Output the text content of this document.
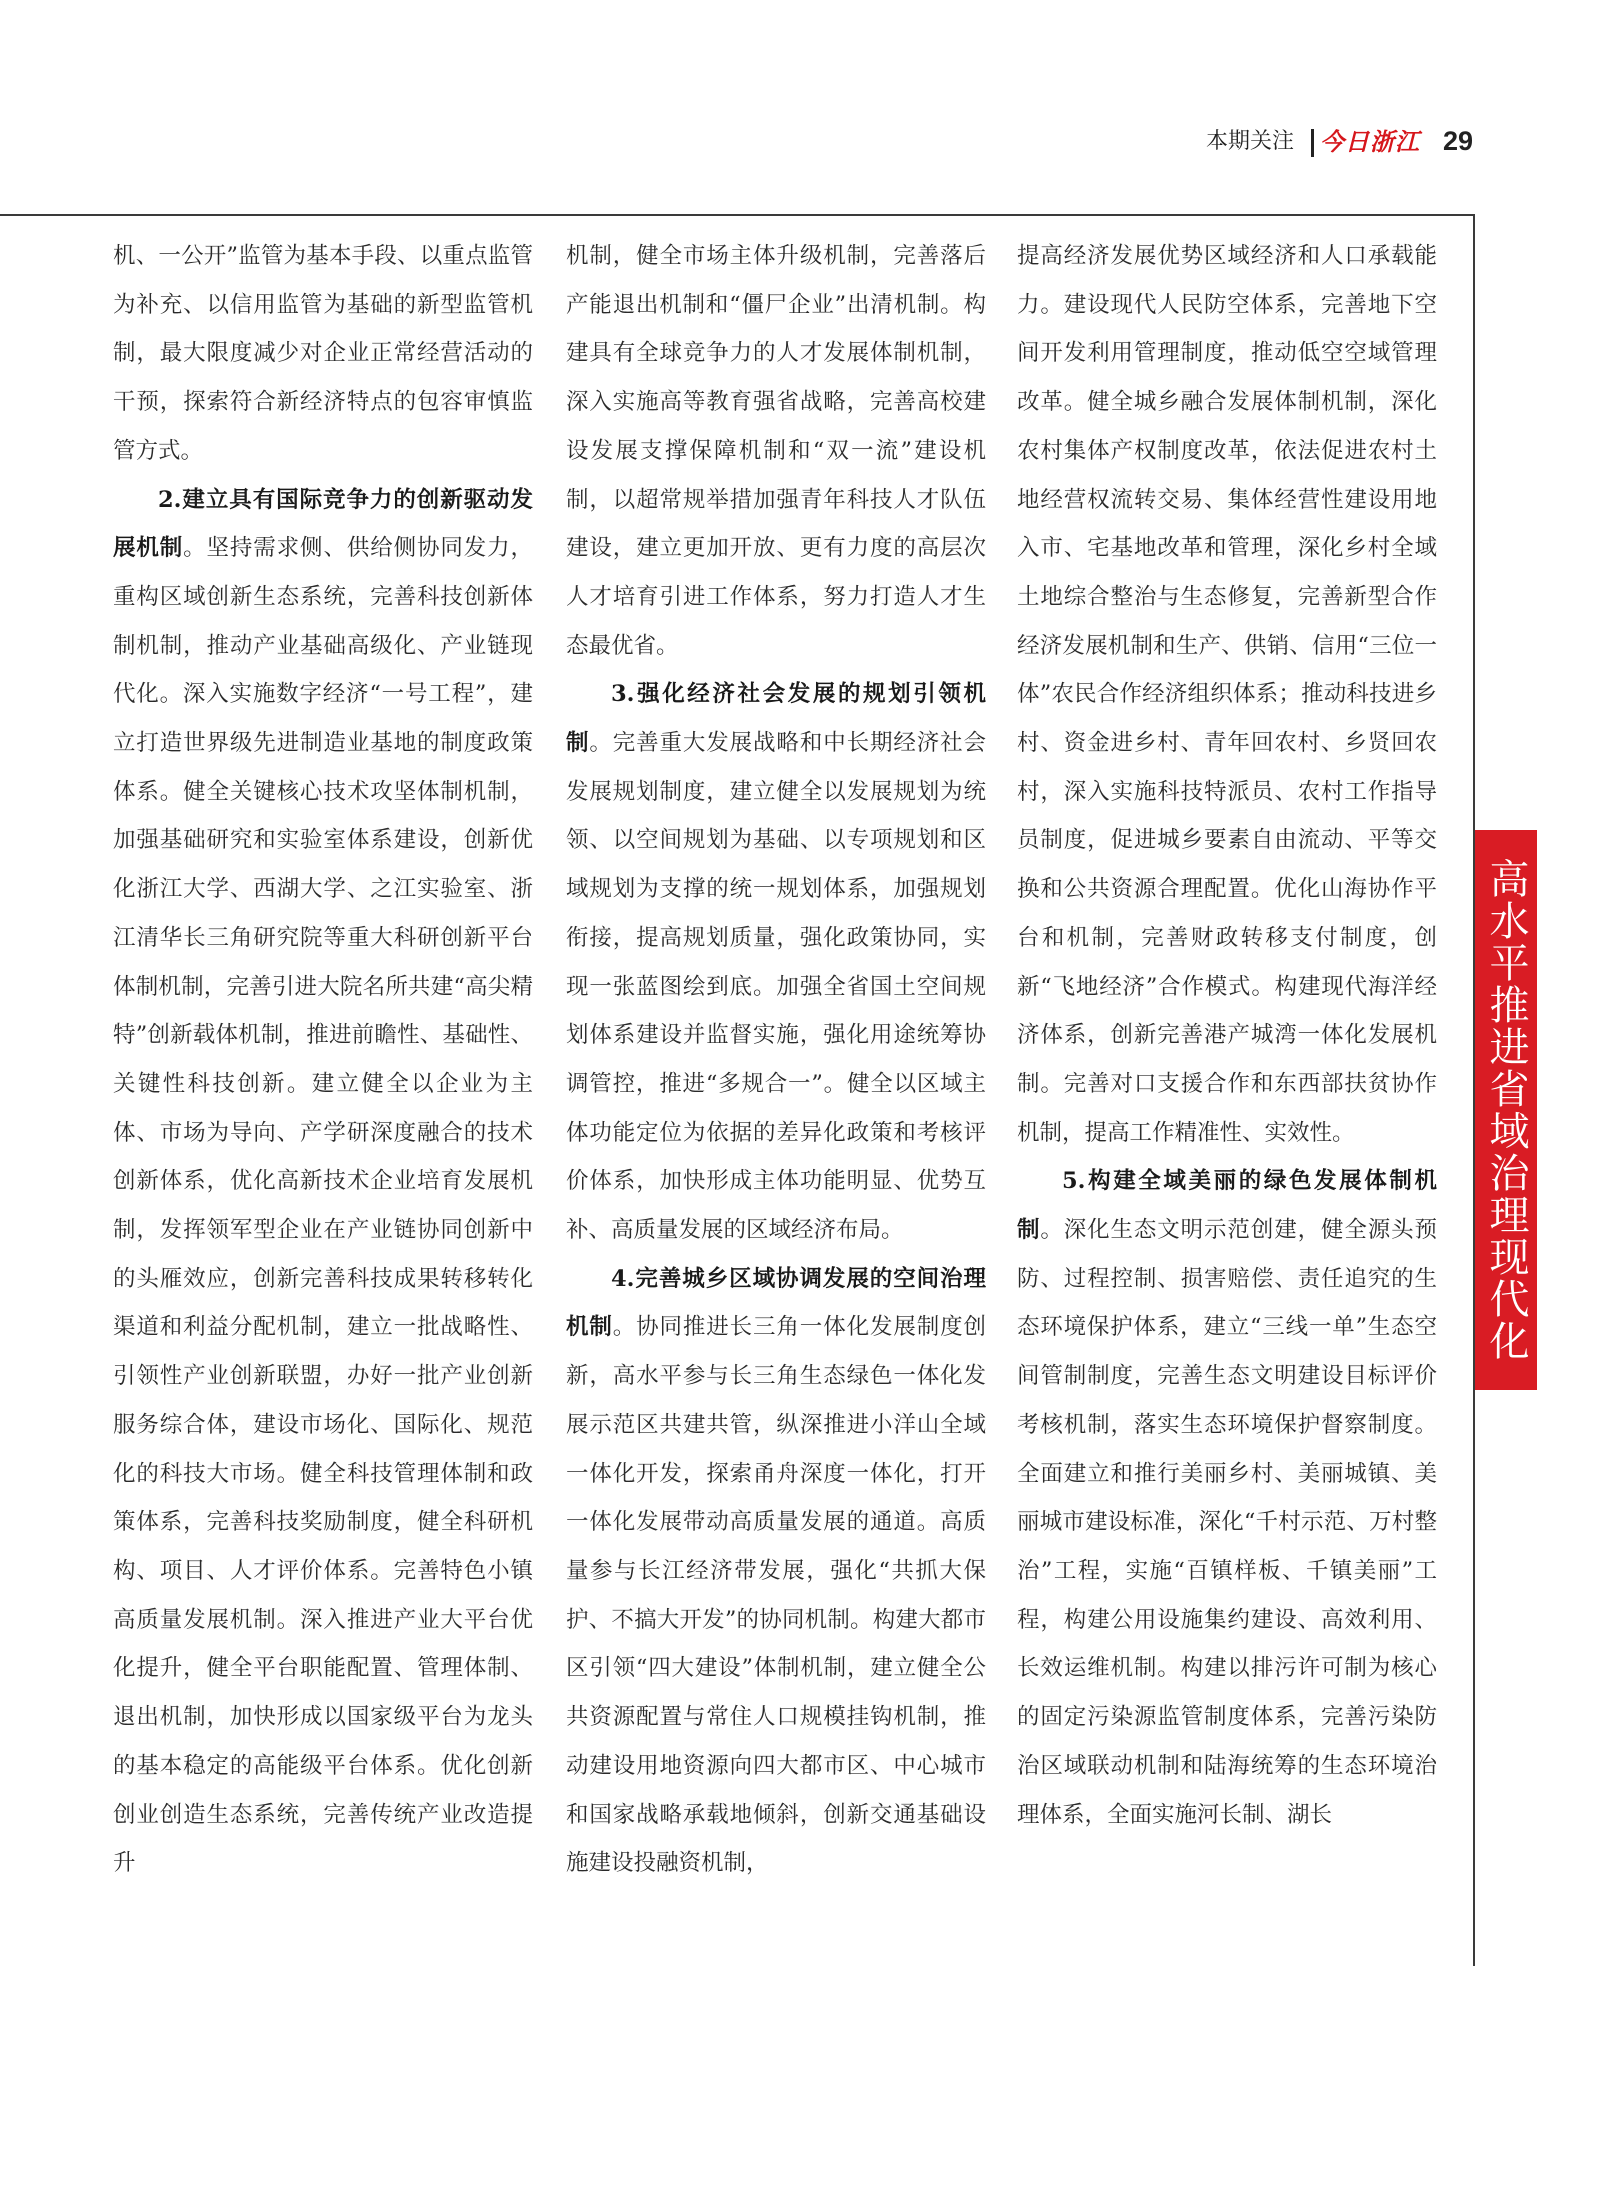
本期关注 今日浙江 29

机、一公开”监管为基本手段、以重点监管为补充、以信用监管为基础的新型监管机制，最大限度减少对企业正常经营活动的干预，探索符合新经济特点的包容审慎监管方式。

2.建立具有国际竞争力的创新驱动发展机制。坚持需求侧、供给侧协同发力，重构区域创新生态系统，完善科技创新体制机制，推动产业基础高级化、产业链现代化。深入实施数字经济“一号工程”，建立打造世界级先进制造业基地的制度政策体系。健全关键核心技术攻坚体制机制，加强基础研究和实验室体系建设，创新优化浙江大学、西湖大学、之江实验室、浙江清华长三角研究院等重大科研创新平台体制机制，完善引进大院名所共建“高尖精特”创新载体机制，推进前瞻性、基础性、关键性科技创新。建立健全以企业为主体、市场为导向、产学研深度融合的技术创新体系，优化高新技术企业培育发展机制，发挥领军型企业在产业链协同创新中的头雁效应，创新完善科技成果转移转化渠道和利益分配机制，建立一批战略性、引领性产业创新联盟，办好一批产业创新服务综合体，建设市场化、国际化、规范化的科技大市场。健全科技管理体制和政策体系，完善科技奖励制度，健全科研机构、项目、人才评价体系。完善特色小镇高质量发展机制。深入推进产业大平台优化提升，健全平台职能配置、管理体制、退出机制，加快形成以国家级平台为龙头的基本稳定的高能级平台体系。优化创新创业创造生态系统，完善传统产业改造提升

机制，健全市场主体升级机制，完善落后产能退出机制和“僵尸企业”出清机制。构建具有全球竞争力的人才发展体制机制，深入实施高等教育强省战略，完善高校建设发展支撑保障机制和“双一流”建设机制，以超常规举措加强青年科技人才队伍建设，建立更加开放、更有力度的高层次人才培育引进工作体系，努力打造人才生态最优省。

3.强化经济社会发展的规划引领机制。完善重大发展战略和中长期经济社会发展规划制度，建立健全以发展规划为统领、以空间规划为基础、以专项规划和区域规划为支撑的统一规划体系，加强规划衔接，提高规划质量，强化政策协同，实现一张蓝图绘到底。加强全省国土空间规划体系建设并监督实施，强化用途统筹协调管控，推进“多规合一”。健全以区域主体功能定位为依据的差异化政策和考核评价体系，加快形成主体功能明显、优势互补、高质量发展的区域经济布局。

4.完善城乡区域协调发展的空间治理机制。协同推进长三角一体化发展制度创新，高水平参与长三角生态绿色一体化发展示范区共建共管，纵深推进小洋山全域一体化开发，探索甬舟深度一体化，打开一体化发展带动高质量发展的通道。高质量参与长江经济带发展，强化“共抓大保护、不搞大开发”的协同机制。构建大都市区引领“四大建设”体制机制，建立健全公共资源配置与常住人口规模挂钩机制，推动建设用地资源向四大都市区、中心城市和国家战略承载地倾斜，创新交通基础设施建设投融资机制，

提高经济发展优势区域经济和人口承载能力。建设现代人民防空体系，完善地下空间开发利用管理制度，推动低空空域管理改革。健全城乡融合发展体制机制，深化农村集体产权制度改革，依法促进农村土地经营权流转交易、集体经营性建设用地入市、宅基地改革和管理，深化乡村全域土地综合整治与生态修复，完善新型合作经济发展机制和生产、供销、信用“三位一体”农民合作经济组织体系；推动科技进乡村、资金进乡村、青年回农村、乡贤回农村，深入实施科技特派员、农村工作指导员制度，促进城乡要素自由流动、平等交换和公共资源合理配置。优化山海协作平台和机制，完善财政转移支付制度，创新“飞地经济”合作模式。构建现代海洋经济体系，创新完善港产城湾一体化发展机制。完善对口支援合作和东西部扶贫协作机制，提高工作精准性、实效性。

5.构建全域美丽的绿色发展体制机制。深化生态文明示范创建，健全源头预防、过程控制、损害赔偿、责任追究的生态环境保护体系，建立“三线一单”生态空间管制制度，完善生态文明建设目标评价考核机制，落实生态环境保护督察制度。全面建立和推行美丽乡村、美丽城镇、美丽城市建设标准，深化“千村示范、万村整治”工程，实施“百镇样板、千镇美丽”工程，构建公用设施集约建设、高效利用、长效运维机制。构建以排污许可制为核心的固定污染源监管制度体系，完善污染防治区域联动机制和陆海统筹的生态环境治理体系，全面实施河长制、湖长

高水平推进省域治理现代化
